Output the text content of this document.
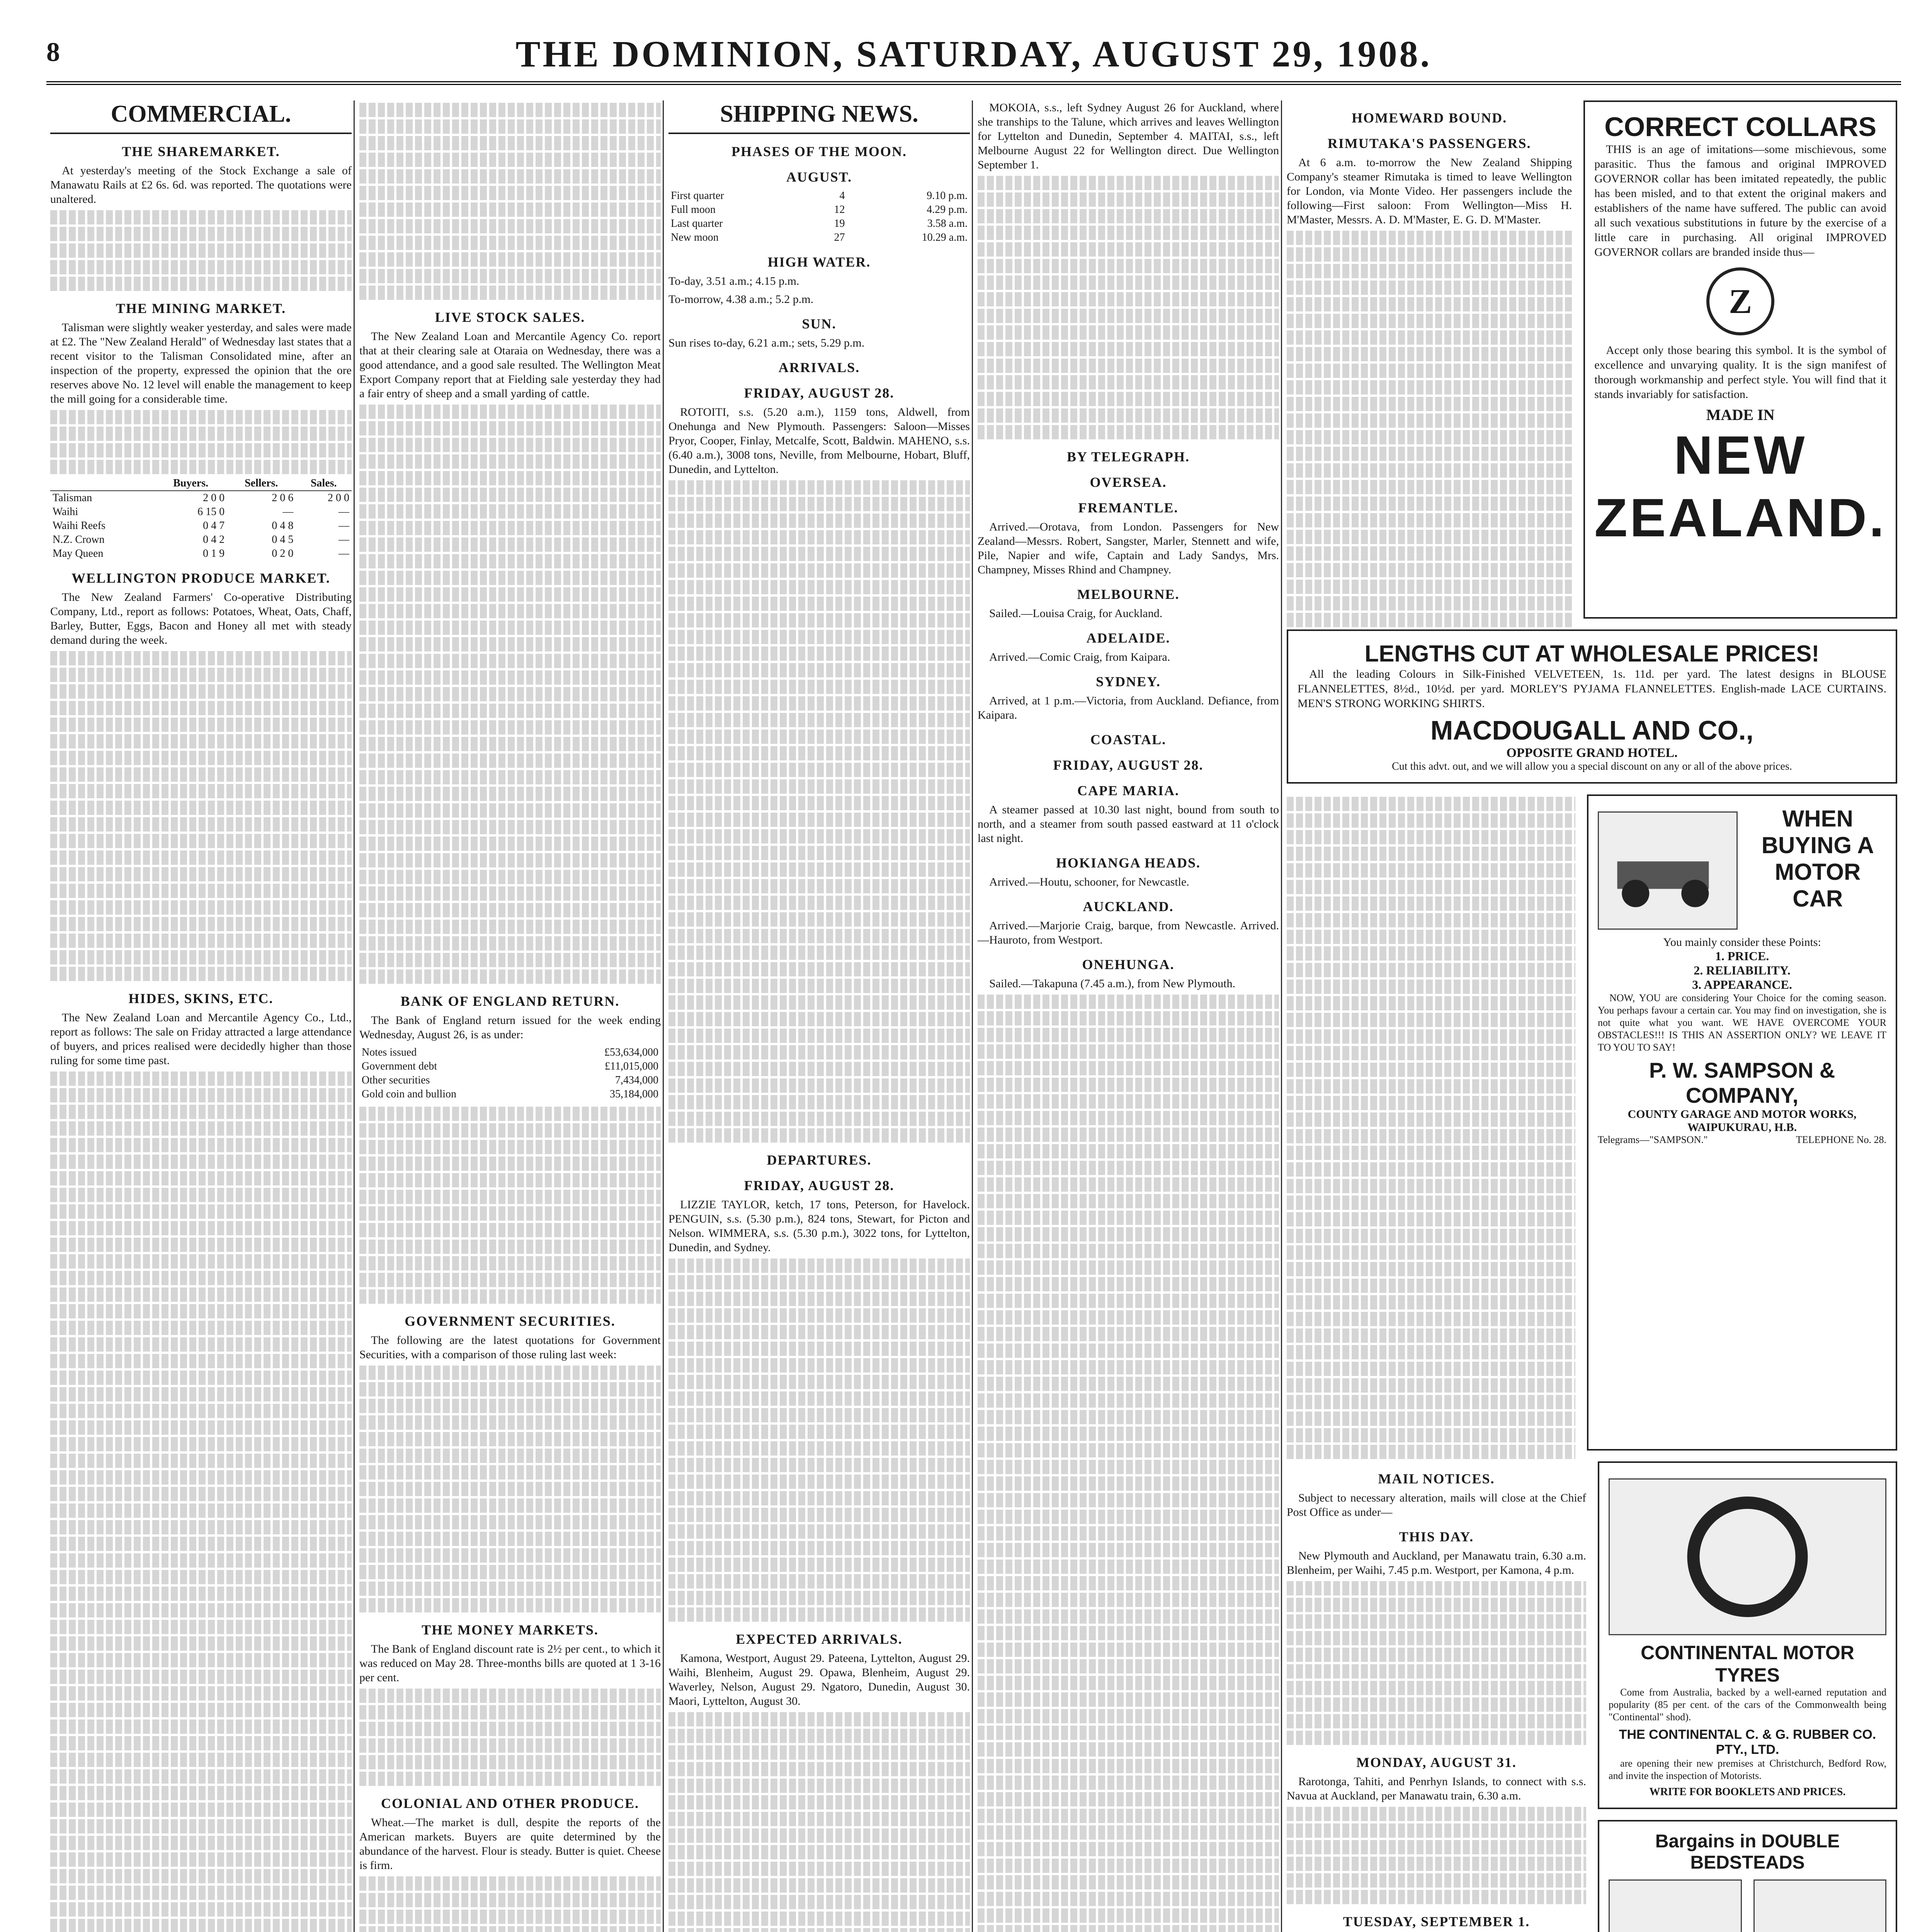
8	THE DOMINION, SATURDAY, AUGUST 29, 1908.
COMMERCIAL.
THE SHAREMARKET.

At yesterday's meeting of the Stock Exchange a sale of Manawatu Rails at £2 6s. 6d. was reported. The quotations were unaltered.

THE MINING MARKET.

Talisman were slightly weaker yesterday, and sales were made at £2. The "New Zealand Herald" of Wednesday last states that a recent visitor to the Talisman Consolidated mine, after an inspection of the property, expressed the opinion that the ore reserves above No. 12 level will enable the management to keep the mill going for a considerable time.

	Buyers.	Sellers.	Sales.
Talisman	2 0 0	2 0 6	2 0 0
Waihi	6 15 0	—	—
Waihi Reefs	0 4 7	0 4 8	—
N.Z. Crown	0 4 2	0 4 5	—
May Queen	0 1 9	0 2 0	—
WELLINGTON PRODUCE MARKET.

The New Zealand Farmers' Co-operative Distributing Company, Ltd., report as follows: Potatoes, Wheat, Oats, Chaff, Barley, Butter, Eggs, Bacon and Honey all met with steady demand during the week.

HIDES, SKINS, ETC.

The New Zealand Loan and Mercantile Agency Co., Ltd., report as follows: The sale on Friday attracted a large attendance of buyers, and prices realised were decidedly higher than those ruling for some time past.

LIVE STOCK SALES.

The New Zealand Loan and Mercantile Agency Co. report that at their clearing sale at Otaraia on Wednesday, there was a good attendance, and a good sale resulted. The Wellington Meat Export Company report that at Fielding sale yesterday they had a fair entry of sheep and a small yarding of cattle.

BANK OF ENGLAND RETURN.

The Bank of England return issued for the week ending Wednesday, August 26, is as under:

Notes issued	£53,634,000
Government debt	£11,015,000
Other securities	7,434,000
Gold coin and bullion	35,184,000
GOVERNMENT SECURITIES.

The following are the latest quotations for Government Securities, with a comparison of those ruling last week:

THE MONEY MARKETS.

The Bank of England discount rate is 2½ per cent., to which it was reduced on May 28. Three-months bills are quoted at 1 3-16 per cent.

COLONIAL AND OTHER PRODUCE.

Wheat.—The market is dull, despite the reports of the American markets. Buyers are quite determined by the abundance of the harvest. Flour is steady. Butter is quiet. Cheese is firm.

SHIPPING NEWS.
PHASES OF THE MOON.
AUGUST.
First quarter	4	9.10 p.m.
Full moon	12	4.29 p.m.
Last quarter	19	3.58 a.m.
New moon	27	10.29 a.m.
HIGH WATER.

To-day, 3.51 a.m.; 4.15 p.m.

To-morrow, 4.38 a.m.; 5.2 p.m.

SUN.

Sun rises to-day, 6.21 a.m.; sets, 5.29 p.m.

ARRIVALS.
FRIDAY, AUGUST 28.

ROTOITI, s.s. (5.20 a.m.), 1159 tons, Aldwell, from Onehunga and New Plymouth. Passengers: Saloon—Misses Pryor, Cooper, Finlay, Metcalfe, Scott, Baldwin. MAHENO, s.s. (6.40 a.m.), 3008 tons, Neville, from Melbourne, Hobart, Bluff, Dunedin, and Lyttelton.

DEPARTURES.
FRIDAY, AUGUST 28.

LIZZIE TAYLOR, ketch, 17 tons, Peterson, for Havelock. PENGUIN, s.s. (5.30 p.m.), 824 tons, Stewart, for Picton and Nelson. WIMMERA, s.s. (5.30 p.m.), 3022 tons, for Lyttelton, Dunedin, and Sydney.

EXPECTED ARRIVALS.

Kamona, Westport, August 29. Pateena, Lyttelton, August 29. Waihi, Blenheim, August 29. Opawa, Blenheim, August 29. Waverley, Nelson, August 29. Ngatoro, Dunedin, August 30. Maori, Lyttelton, August 30.

MOKOIA, s.s., left Sydney August 26 for Auckland, where she tranships to the Talune, which arrives and leaves Wellington for Lyttelton and Dunedin, September 4. MAITAI, s.s., left Melbourne August 22 for Wellington direct. Due Wellington September 1.

BY TELEGRAPH.
OVERSEA.
FREMANTLE.

Arrived.—Orotava, from London. Passengers for New Zealand—Messrs. Robert, Sangster, Marler, Stennett and wife, Pile, Napier and wife, Captain and Lady Sandys, Mrs. Champney, Misses Rhind and Champney.

MELBOURNE.

Sailed.—Louisa Craig, for Auckland.

ADELAIDE.

Arrived.—Comic Craig, from Kaipara.

SYDNEY.

Arrived, at 1 p.m.—Victoria, from Auckland. Defiance, from Kaipara.

COASTAL.
FRIDAY, AUGUST 28.
CAPE MARIA.

A steamer passed at 10.30 last night, bound from south to north, and a steamer from south passed eastward at 11 o'clock last night.

HOKIANGA HEADS.

Arrived.—Houtu, schooner, for Newcastle.

AUCKLAND.

Arrived.—Marjorie Craig, barque, from Newcastle. Arrived.—Hauroto, from Westport.

ONEHUNGA.

Sailed.—Takapuna (7.45 a.m.), from New Plymouth.

HOMEWARD BOUND.
RIMUTAKA'S PASSENGERS.

At 6 a.m. to-morrow the New Zealand Shipping Company's steamer Rimutaka is timed to leave Wellington for London, via Monte Video. Her passengers include the following—First saloon: From Wellington—Miss H. M'Master, Messrs. A. D. M'Master, E. G. D. M'Master.

CORRECT COLLARS

THIS is an age of imitations—some mischievous, some parasitic. Thus the famous and original IMPROVED GOVERNOR collar has been imitated repeatedly, the public has been misled, and to that extent the original makers and establishers of the name have suffered. The public can avoid all such vexatious substitutions in future by the exercise of a little care in purchasing. All original IMPROVED GOVERNOR collars are branded inside thus—

Z

Accept only those bearing this symbol. It is the symbol of excellence and unvarying quality. It is the sign manifest of thorough workmanship and perfect style. You will find that it stands invariably for satisfaction.

MADE IN
NEW ZEALAND.
LENGTHS CUT AT WHOLESALE PRICES!

All the leading Colours in Silk-Finished VELVETEEN, 1s. 11d. per yard. The latest designs in BLOUSE FLANNELETTES, 8½d., 10½d. per yard. MORLEY'S PYJAMA FLANNELETTES. English-made LACE CURTAINS. MEN'S STRONG WORKING SHIRTS.

MACDOUGALL AND CO.,
OPPOSITE GRAND HOTEL.
Cut this advt. out, and we will allow you a special discount on any or all of the above prices.
WHEN
BUYING A
MOTOR CAR
You mainly consider these Points:
1. PRICE.
2. RELIABILITY.
3. APPEARANCE.

NOW, YOU are considering Your Choice for the coming season. You perhaps favour a certain car. You may find on investigation, she is not quite what you want. WE HAVE OVERCOME YOUR OBSTACLES!!! IS THIS AN ASSERTION ONLY? WE LEAVE IT TO YOU TO SAY!

P. W. SAMPSON & COMPANY,
COUNTY GARAGE AND MOTOR WORKS,
WAIPUKURAU, H.B.
Telegrams—"SAMPSON."	TELEPHONE No. 28.
MAIL NOTICES.

Subject to necessary alteration, mails will close at the Chief Post Office as under—

THIS DAY.

New Plymouth and Auckland, per Manawatu train, 6.30 a.m. Blenheim, per Waihi, 7.45 p.m. Westport, per Kamona, 4 p.m.

MONDAY, AUGUST 31.

Rarotonga, Tahiti, and Penrhyn Islands, to connect with s.s. Navua at Auckland, per Manawatu train, 6.30 a.m.

TUESDAY, SEPTEMBER 1.

CONTINENTAL MOTOR TYRES

Come from Australia, backed by a well-earned reputation and popularity (85 per cent. of the cars of the Commonwealth being "Continental" shod).

THE CONTINENTAL C. & G. RUBBER CO. PTY., LTD.

are opening their new premises at Christchurch, Bedford Row, and invite the inspection of Motorists.

WRITE FOR BOOKLETS AND PRICES.
Bargains in DOUBLE BEDSTEADS
